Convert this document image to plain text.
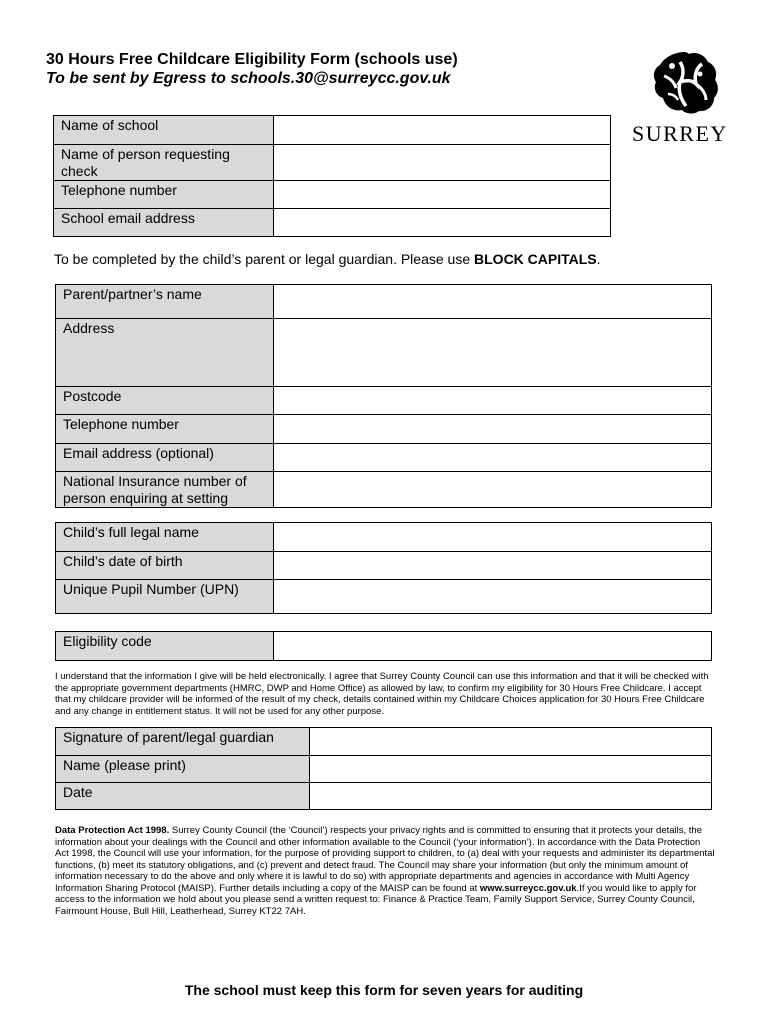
30 Hours Free Childcare Eligibility Form (schools use)
To be sent by Egress to schools.30@surreycc.gov.uk
SURREY
Name of school	
Name of person requesting check	
Telephone number	
School email address	
To be completed by the child’s parent or legal guardian. Please use BLOCK CAPITALS.
Parent/partner’s name	
Address	
Postcode	
Telephone number	
Email address (optional)	
National Insurance number of person enquiring at setting	
Child’s full legal name	
Child’s date of birth	
Unique Pupil Number (UPN)	
Eligibility code	
I understand that the information I give will be held electronically. I agree that Surrey County Council can use this information and that it will be checked with the appropriate government departments (HMRC, DWP and Home Office) as allowed by law, to confirm my eligibility for 30 Hours Free Childcare. I accept that my childcare provider will be informed of the result of my check, details contained within my Childcare Choices application for 30 Hours Free Childcare and any change in entitlement status. It will not be used for any other purpose.
Signature of parent/legal guardian	
Name (please print)	
Date	
Data Protection Act 1998. Surrey County Council (the ‘Council’) respects your privacy rights and is committed to ensuring that it protects your details, the information about your dealings with the Council and other information available to the Council (‘your information’). In accordance with the Data Protection Act 1998, the Council will use your information, for the purpose of providing support to children, to (a) deal with your requests and administer its departmental functions, (b) meet its statutory obligations, and (c) prevent and detect fraud. The Council may share your information (but only the minimum amount of information necessary to do the above and only where it is lawful to do so) with appropriate departments and agencies in accordance with Multi Agency Information Sharing Protocol (MAISP). Further details including a copy of the MAISP can be found at www.surreycc.gov.uk.If you would like to apply for access to the information we hold about you please send a written request to: Finance & Practice Team, Family Support Service, Surrey County Council, Fairmount House, Bull Hill, Leatherhead, Surrey KT22 7AH.
The school must keep this form for seven years for auditing
